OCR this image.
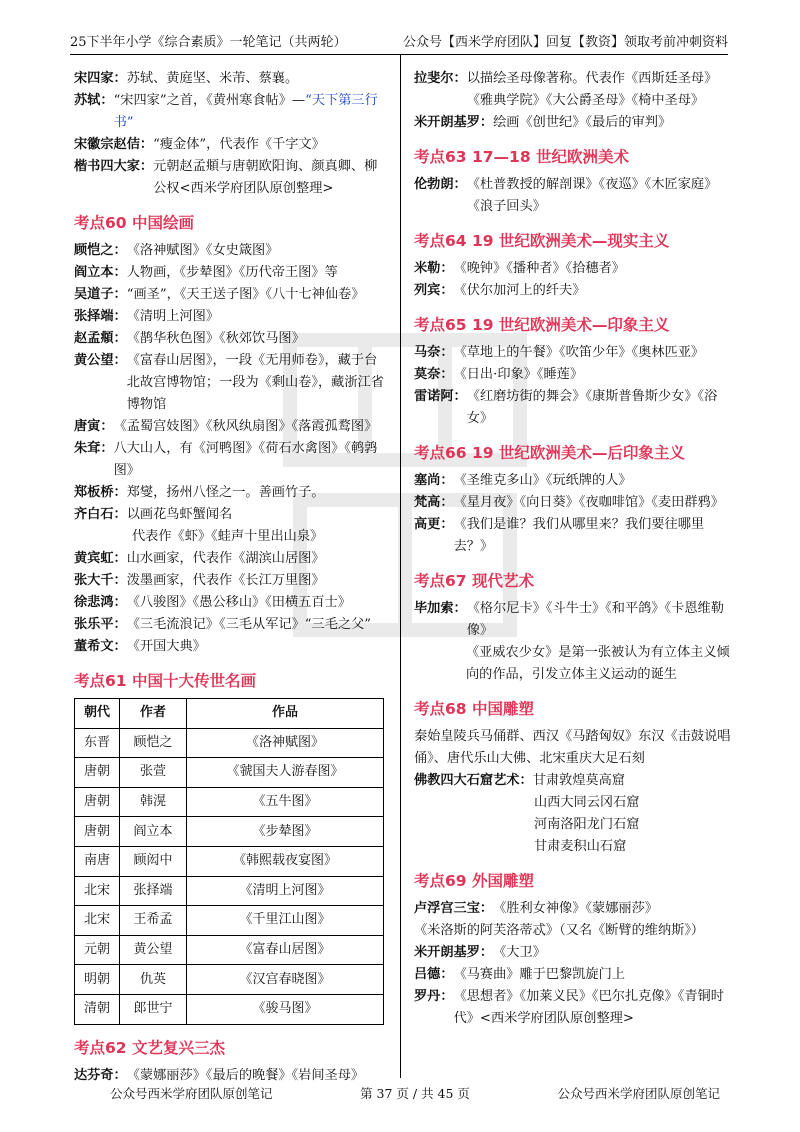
25下半年小学《综合素质》一轮笔记（共两轮）	公众号【西米学府团队】回复【教资】领取考前冲刺资料
宋四家： 苏轼、黄庭坚、米芾、蔡襄。
苏轼： “宋四家”之首，《黄州寒食帖》—“天下第三行书”
宋徽宗赵佶： “瘦金体”，代表作《千字文》
楷书四大家： 元朝赵孟頫与唐朝欧阳询、颜真卿、柳公权<西米学府团队原创整理>
考点60 中国绘画
顾恺之： 《洛神赋图》《女史箴图》
阎立本： 人物画，《步辇图》《历代帝王图》等
吴道子： “画圣”，《天王送子图》《八十七神仙卷》
张择端： 《清明上河图》
赵孟頫： 《鹊华秋色图》《秋郊饮马图》
黄公望： 《富春山居图》，一段《无用师卷》，藏于台北故宫博物馆；一段为《剩山卷》，藏浙江省博物馆
唐寅： 《孟蜀宫妓图》《秋风纨扇图》《落霞孤鹜图》
朱耷： 八大山人，有《河鸭图》《荷石水禽图》《鹌鹑图》
郑板桥： 郑燮，扬州八怪之一。善画竹子。
齐白石： 以画花鸟虾蟹闻名
代表作《虾》《蛙声十里出山泉》
黄宾虹： 山水画家，代表作《湖滨山居图》
张大千： 泼墨画家，代表作《长江万里图》
徐悲鸿： 《八骏图》《愚公移山》《田横五百士》
张乐平： 《三毛流浪记》《三毛从军记》“三毛之父”
董希文： 《开国大典》
考点61 中国十大传世名画
朝代	作者	作品
东晋	顾恺之	《洛神赋图》
唐朝	张萱	《虢国夫人游春图》
唐朝	韩滉	《五牛图》
唐朝	阎立本	《步辇图》
南唐	顾闳中	《韩熙载夜宴图》
北宋	张择端	《清明上河图》
北宋	王希孟	《千里江山图》
元朝	黄公望	《富春山居图》
明朝	仇英	《汉宫春晓图》
清朝	郎世宁	《骏马图》
考点62 文艺复兴三杰
达芬奇： 《蒙娜丽莎》《最后的晚餐》《岩间圣母》
拉斐尔： 以描绘圣母像著称。代表作《西斯廷圣母》《雅典学院》《大公爵圣母》《椅中圣母》
米开朗基罗： 绘画《创世纪》《最后的审判》
考点63 17—18 世纪欧洲美术
伦勃朗： 《杜普教授的解剖课》《夜巡》《木匠家庭》《浪子回头》
考点64 19 世纪欧洲美术—现实主义
米勒： 《晚钟》《播种者》《拾穗者》
列宾： 《伏尔加河上的纤夫》
考点65 19 世纪欧洲美术—印象主义
马奈： 《草地上的午餐》《吹笛少年》《奥林匹亚》
莫奈： 《日出·印象》《睡莲》
雷诺阿： 《红磨坊街的舞会》《康斯普鲁斯少女》《浴女》
考点66 19 世纪欧洲美术—后印象主义
塞尚： 《圣维克多山》《玩纸牌的人》
梵高： 《星月夜》《向日葵》《夜咖啡馆》《麦田群鸦》
高更： 《我们是谁？我们从哪里来？我们要往哪里去？》
考点67 现代艺术
毕加索： 《格尔尼卡》《斗牛士》《和平鸽》《卡恩维勒像》
《亚威农少女》是第一张被认为有立体主义倾向的作品，引发立体主义运动的诞生
考点68 中国雕塑
秦始皇陵兵马俑群、西汉《马踏匈奴》东汉《击鼓说唱俑》、唐代乐山大佛、北宋重庆大足石刻
佛教四大石窟艺术： 甘肃敦煌莫高窟
山西大同云冈石窟
河南洛阳龙门石窟
甘肃麦积山石窟
考点69 外国雕塑
卢浮宫三宝： 《胜利女神像》《蒙娜丽莎》
《米洛斯的阿芙洛蒂忒》（又名《断臂的维纳斯》）
米开朗基罗： 《大卫》
吕德： 《马赛曲》雕于巴黎凯旋门上
罗丹： 《思想者》《加莱义民》《巴尔扎克像》《青铜时代》<西米学府团队原创整理>
公众号西米学府团队原创笔记	第 37 页 / 共 45 页	公众号西米学府团队原创笔记
